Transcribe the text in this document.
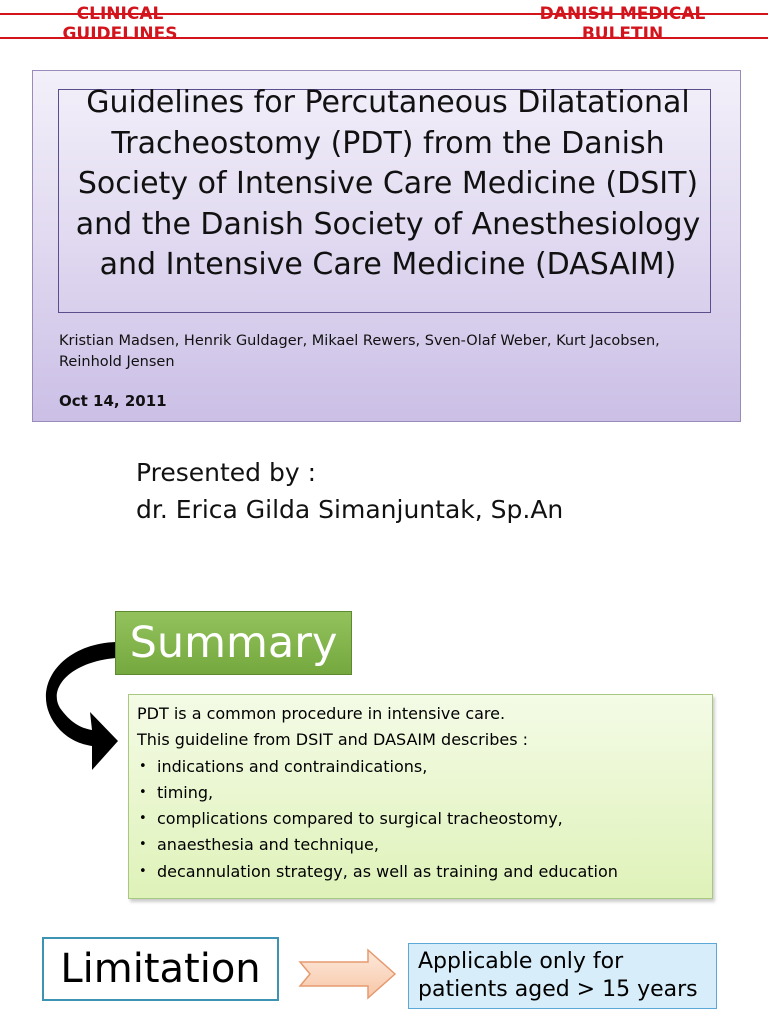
CLINICAL
GUIDELINES
DANISH MEDICAL
BULETIN
Guidelines for Percutaneous Dilatational Tracheostomy (PDT) from the Danish Society of Intensive Care Medicine (DSIT) and the Danish Society of Anesthesiology and Intensive Care Medicine (DASAIM)
Kristian Madsen, Henrik Guldager, Mikael Rewers, Sven-Olaf Weber, Kurt Jacobsen, Reinhold Jensen
Oct 14, 2011
Presented by :
dr. Erica Gilda Simanjuntak, Sp.An
Summary
PDT is a common procedure in intensive care.
This guideline from DSIT and DASAIM describes :
• indications and contraindications,
• timing,
• complications compared to surgical tracheostomy,
• anaesthesia and technique,
• decannulation strategy, as well as training and education
Limitation	Applicable only for
patients aged > 15 years
